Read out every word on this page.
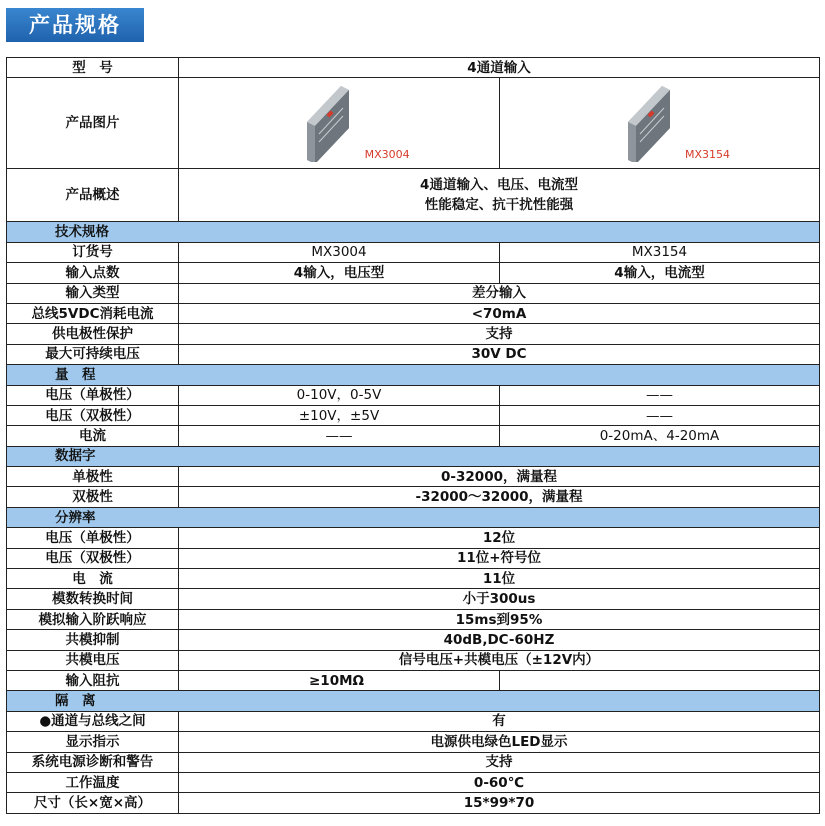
产品规格
型　号	4通道输入	
产品图片	MX3004	MX3154

产品概述	4通道输入、电压、电流型
性能稳定、抗干扰性能强	

技术规格		
订货号	MX3004	MX3154
输入点数	4输入，电压型	4输入，电流型
输入类型	差分输入	
总线5VDC消耗电流	<70mA	
供电极性保护	支持	
最大可持续电压	30V DC	
量　程		
电压（单极性）	0-10V，0-5V	——
电压（双极性）	±10V，±5V	——
电流	——	0-20mA、4-20mA
数据字		
单极性	0-32000，满量程	
双极性	-32000～32000，满量程	
分辨率		
电压（单极性）	12位	
电压（双极性）	11位+符号位	
电　流	11位	
模数转换时间	小于300us	
模拟输入阶跃响应	15ms到95%	
共模抑制	40dB,DC-60HZ	
共模电压	信号电压+共模电压（±12V内）	
输入阻抗	≥10MΩ	
隔　离		
●通道与总线之间	有	
显示指示	电源供电绿色LED显示	
系统电源诊断和警告	支持	
工作温度	0-60℃	
尺寸（长×宽×高）	15*99*70	
